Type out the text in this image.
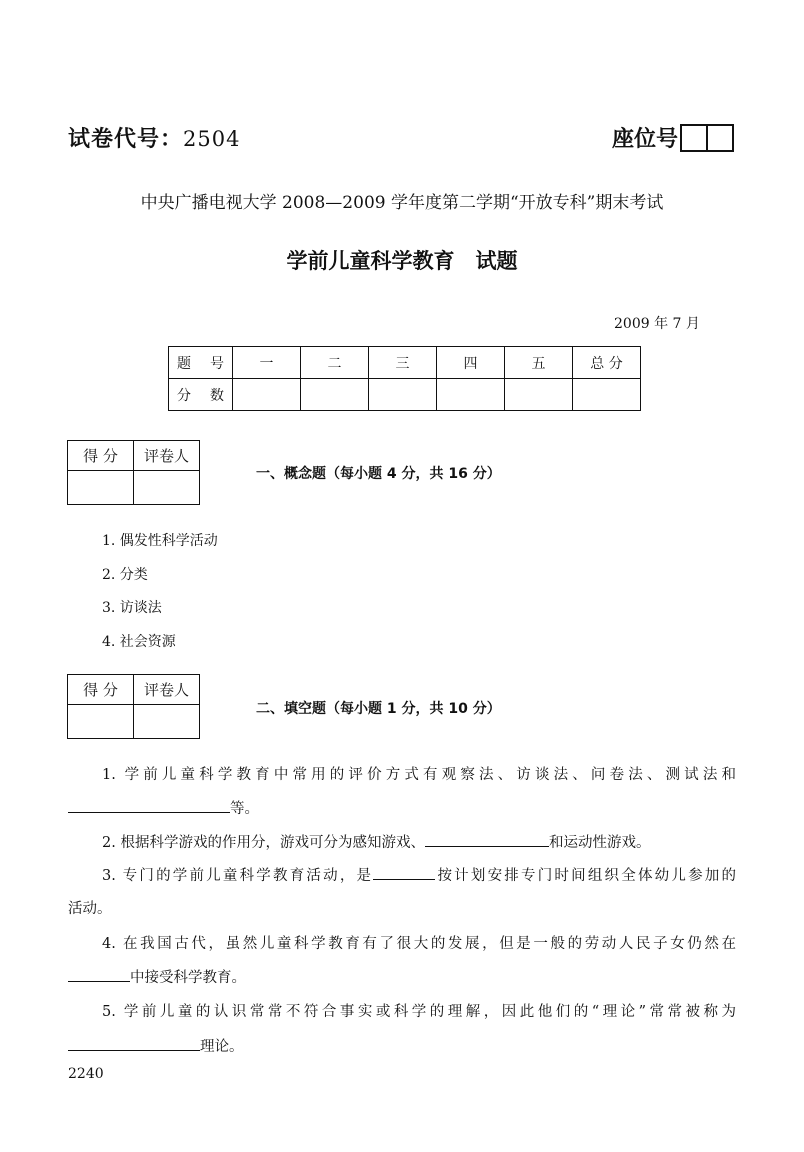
试卷代号：2504	座位号
中央广播电视大学 2008—2009 学年度第二学期“开放专科”期末考试
学前儿童科学教育　试题
2009 年 7 月
题 号	一	二	三	四	五	总 分
分 数						
得 分	评卷人

一、概念题（每小题 4 分，共 16 分）
1. 偶发性科学活动
2. 分类
3. 访谈法
4. 社会资源
得 分	评卷人

二、填空题（每小题 1 分，共 10 分）
1. 学前儿童科学教育中常用的评价方式有观察法、访谈法、问卷法、测试法和
等。
2. 根据科学游戏的作用分，游戏可分为感知游戏、	和运动性游戏。
3. 专门的学前儿童科学教育活动，是	按计划安排专门时间组织全体幼儿参加的
活动。
4. 在我国古代，虽然儿童科学教育有了很大的发展，但是一般的劳动人民子女仍然在
中接受科学教育。
5. 学前儿童的认识常常不符合事实或科学的理解，因此他们的“理论”常常被称为
理论。
2240
